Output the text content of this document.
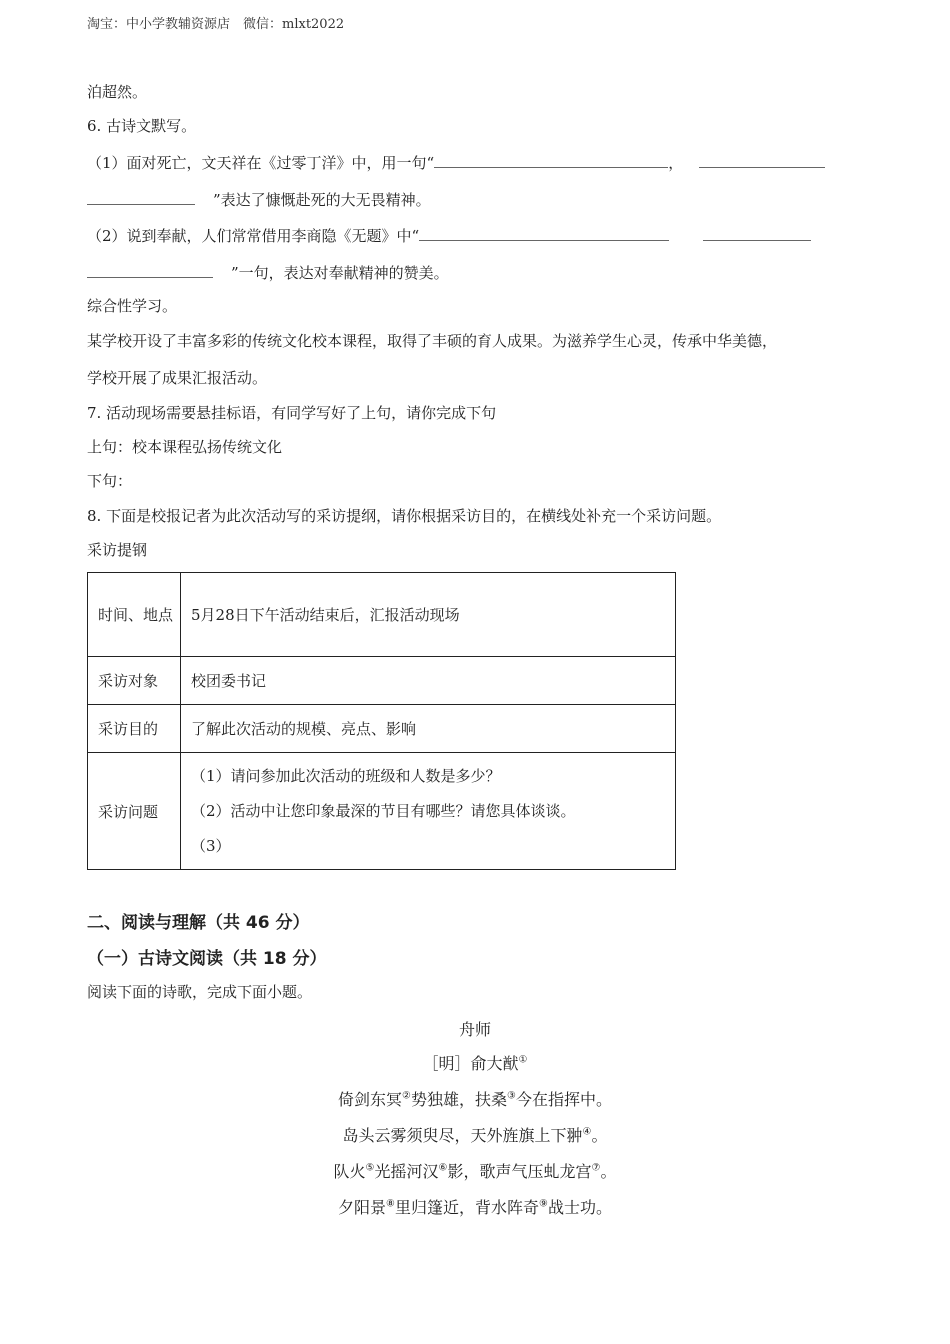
淘宝：中小学教辅资源店　微信：mlxt2022
泊超然。
6. 古诗文默写。
（1）面对死亡，文天祥在《过零丁洋》中，用一句“	，
”表达了慷慨赴死的大无畏精神。
（2）说到奉献，人们常常借用李商隐《无题》中“
”一句，表达对奉献精神的赞美。
综合性学习。
某学校开设了丰富多彩的传统文化校本课程，取得了丰硕的育人成果。为滋养学生心灵，传承中华美德，
学校开展了成果汇报活动。
7. 活动现场需要悬挂标语，有同学写好了上句，请你完成下句
上句：校本课程弘扬传统文化
下句：
8. 下面是校报记者为此次活动写的采访提纲，请你根据采访目的，在横线处补充一个采访问题。
采访提钢
时间、地点	5月28日下午活动结束后，汇报活动现场
采访对象	校团委书记
采访目的	了解此次活动的规模、亮点、影响
采访问题	（1）请问参加此次活动的班级和人数是多少？
（2）活动中让您印象最深的节目有哪些？请您具体谈谈。
（3）
二、阅读与理解（共 46 分）
（一）古诗文阅读（共 18 分）
阅读下面的诗歌，完成下面小题。
舟师
［明］俞大猷①
倚剑东冥②势独雄，扶桑③今在指挥中。
岛头云雾须臾尽，天外旌旗上下翀④。
队火⑤光摇河汉⑥影，歌声气压虬龙宫⑦。
夕阳景⑧里归篷近，背水阵奇⑨战士功。
